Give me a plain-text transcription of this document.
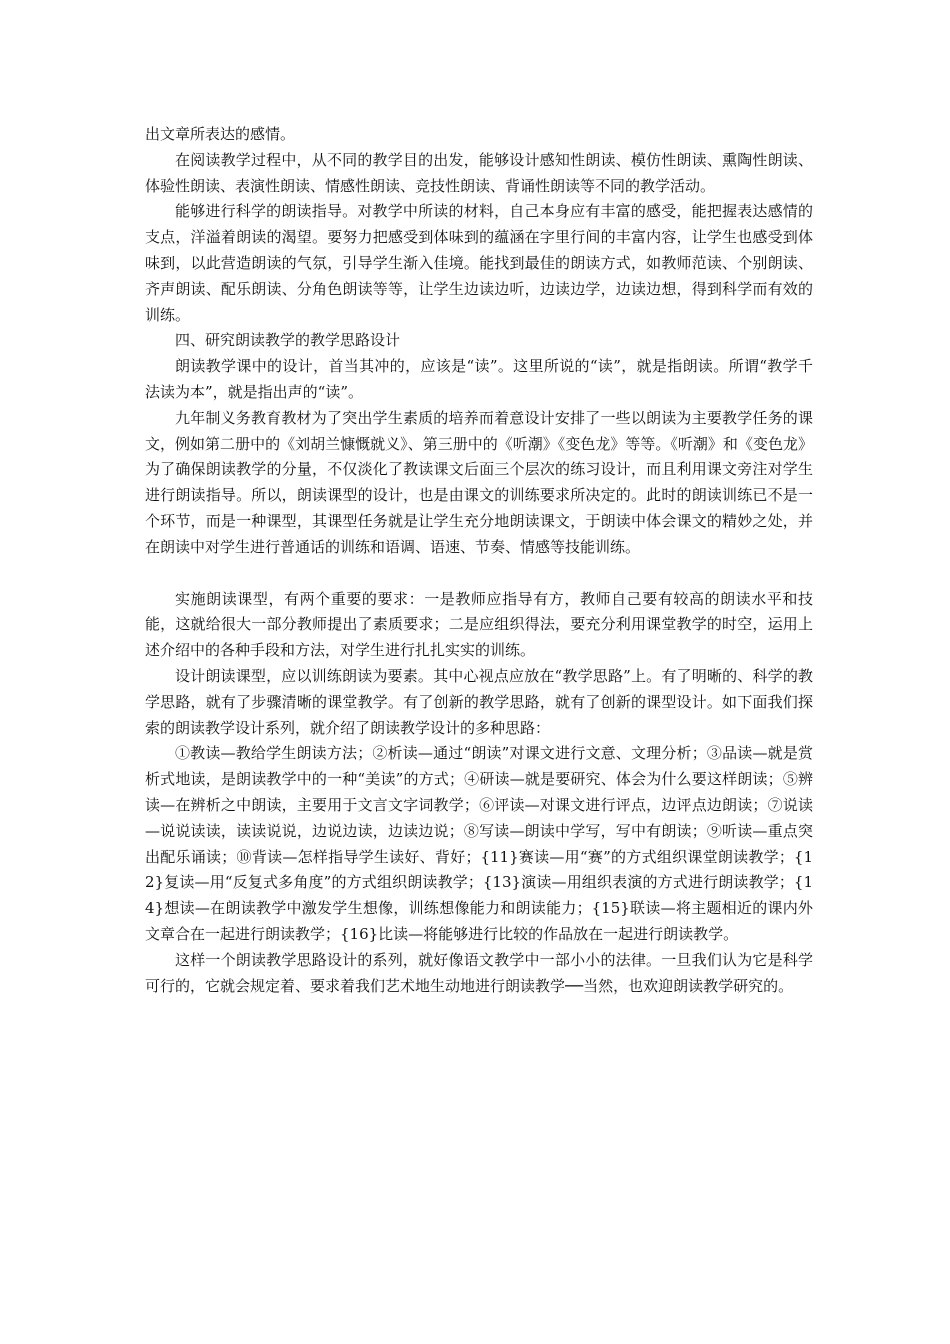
出文章所表达的感情。

在阅读教学过程中，从不同的教学目的出发，能够设计感知性朗读、模仿性朗读、熏陶性朗读、体验性朗读、表演性朗读、情感性朗读、竞技性朗读、背诵性朗读等不同的教学活动。

能够进行科学的朗读指导。对教学中所读的材料，自己本身应有丰富的感受，能把握表达感情的支点，洋溢着朗读的渴望。要努力把感受到体味到的蕴涵在字里行间的丰富内容，让学生也感受到体味到，以此营造朗读的气氛，引导学生渐入佳境。能找到最佳的朗读方式，如教师范读、个别朗读、齐声朗读、配乐朗读、分角色朗读等等，让学生边读边听，边读边学，边读边想，得到科学而有效的训练。

四、研究朗读教学的教学思路设计

朗读教学课中的设计，首当其冲的，应该是“读”。这里所说的“读”，就是指朗读。所谓“教学千法读为本”，就是指出声的“读”。

九年制义务教育教材为了突出学生素质的培养而着意设计安排了一些以朗读为主要教学任务的课文，例如第二册中的《刘胡兰慷慨就义》、第三册中的《听潮》《变色龙》等等。《听潮》和《变色龙》为了确保朗读教学的分量，不仅淡化了教读课文后面三个层次的练习设计，而且利用课文旁注对学生进行朗读指导。所以，朗读课型的设计，也是由课文的训练要求所决定的。此时的朗读训练已不是一个环节，而是一种课型，其课型任务就是让学生充分地朗读课文，于朗读中体会课文的精妙之处，并在朗读中对学生进行普通话的训练和语调、语速、节奏、情感等技能训练。

实施朗读课型，有两个重要的要求：一是教师应指导有方，教师自己要有较高的朗读水平和技能，这就给很大一部分教师提出了素质要求；二是应组织得法，要充分利用课堂教学的时空，运用上述介绍中的各种手段和方法，对学生进行扎扎实实的训练。

设计朗读课型，应以训练朗读为要素。其中心视点应放在“教学思路”上。有了明晰的、科学的教学思路，就有了步骤清晰的课堂教学。有了创新的教学思路，就有了创新的课型设计。如下面我们探索的朗读教学设计系列，就介绍了朗读教学设计的多种思路：

①教读—教给学生朗读方法；②析读—通过“朗读”对课文进行文意、文理分析；③品读—就是赏析式地读，是朗读教学中的一种“美读”的方式；④研读—就是要研究、体会为什么要这样朗读；⑤辨读—在辨析之中朗读，主要用于文言文字词教学；⑥评读—对课文进行评点，边评点边朗读；⑦说读—说说读读，读读说说，边说边读，边读边说；⑧写读—朗读中学写，写中有朗读；⑨听读—重点突出配乐诵读；⑩背读—怎样指导学生读好、背好；{11}赛读—用“赛”的方式组织课堂朗读教学；{12}复读—用“反复式多角度”的方式组织朗读教学；{13}演读—用组织表演的方式进行朗读教学；{14}想读—在朗读教学中激发学生想像，训练想像能力和朗读能力；{15}联读—将主题相近的课内外文章合在一起进行朗读教学；{16}比读—将能够进行比较的作品放在一起进行朗读教学。

这样一个朗读教学思路设计的系列，就好像语文教学中一部小小的法律。一旦我们认为它是科学可行的，它就会规定着、要求着我们艺术地生动地进行朗读教学──当然，也欢迎朗读教学研究的。
